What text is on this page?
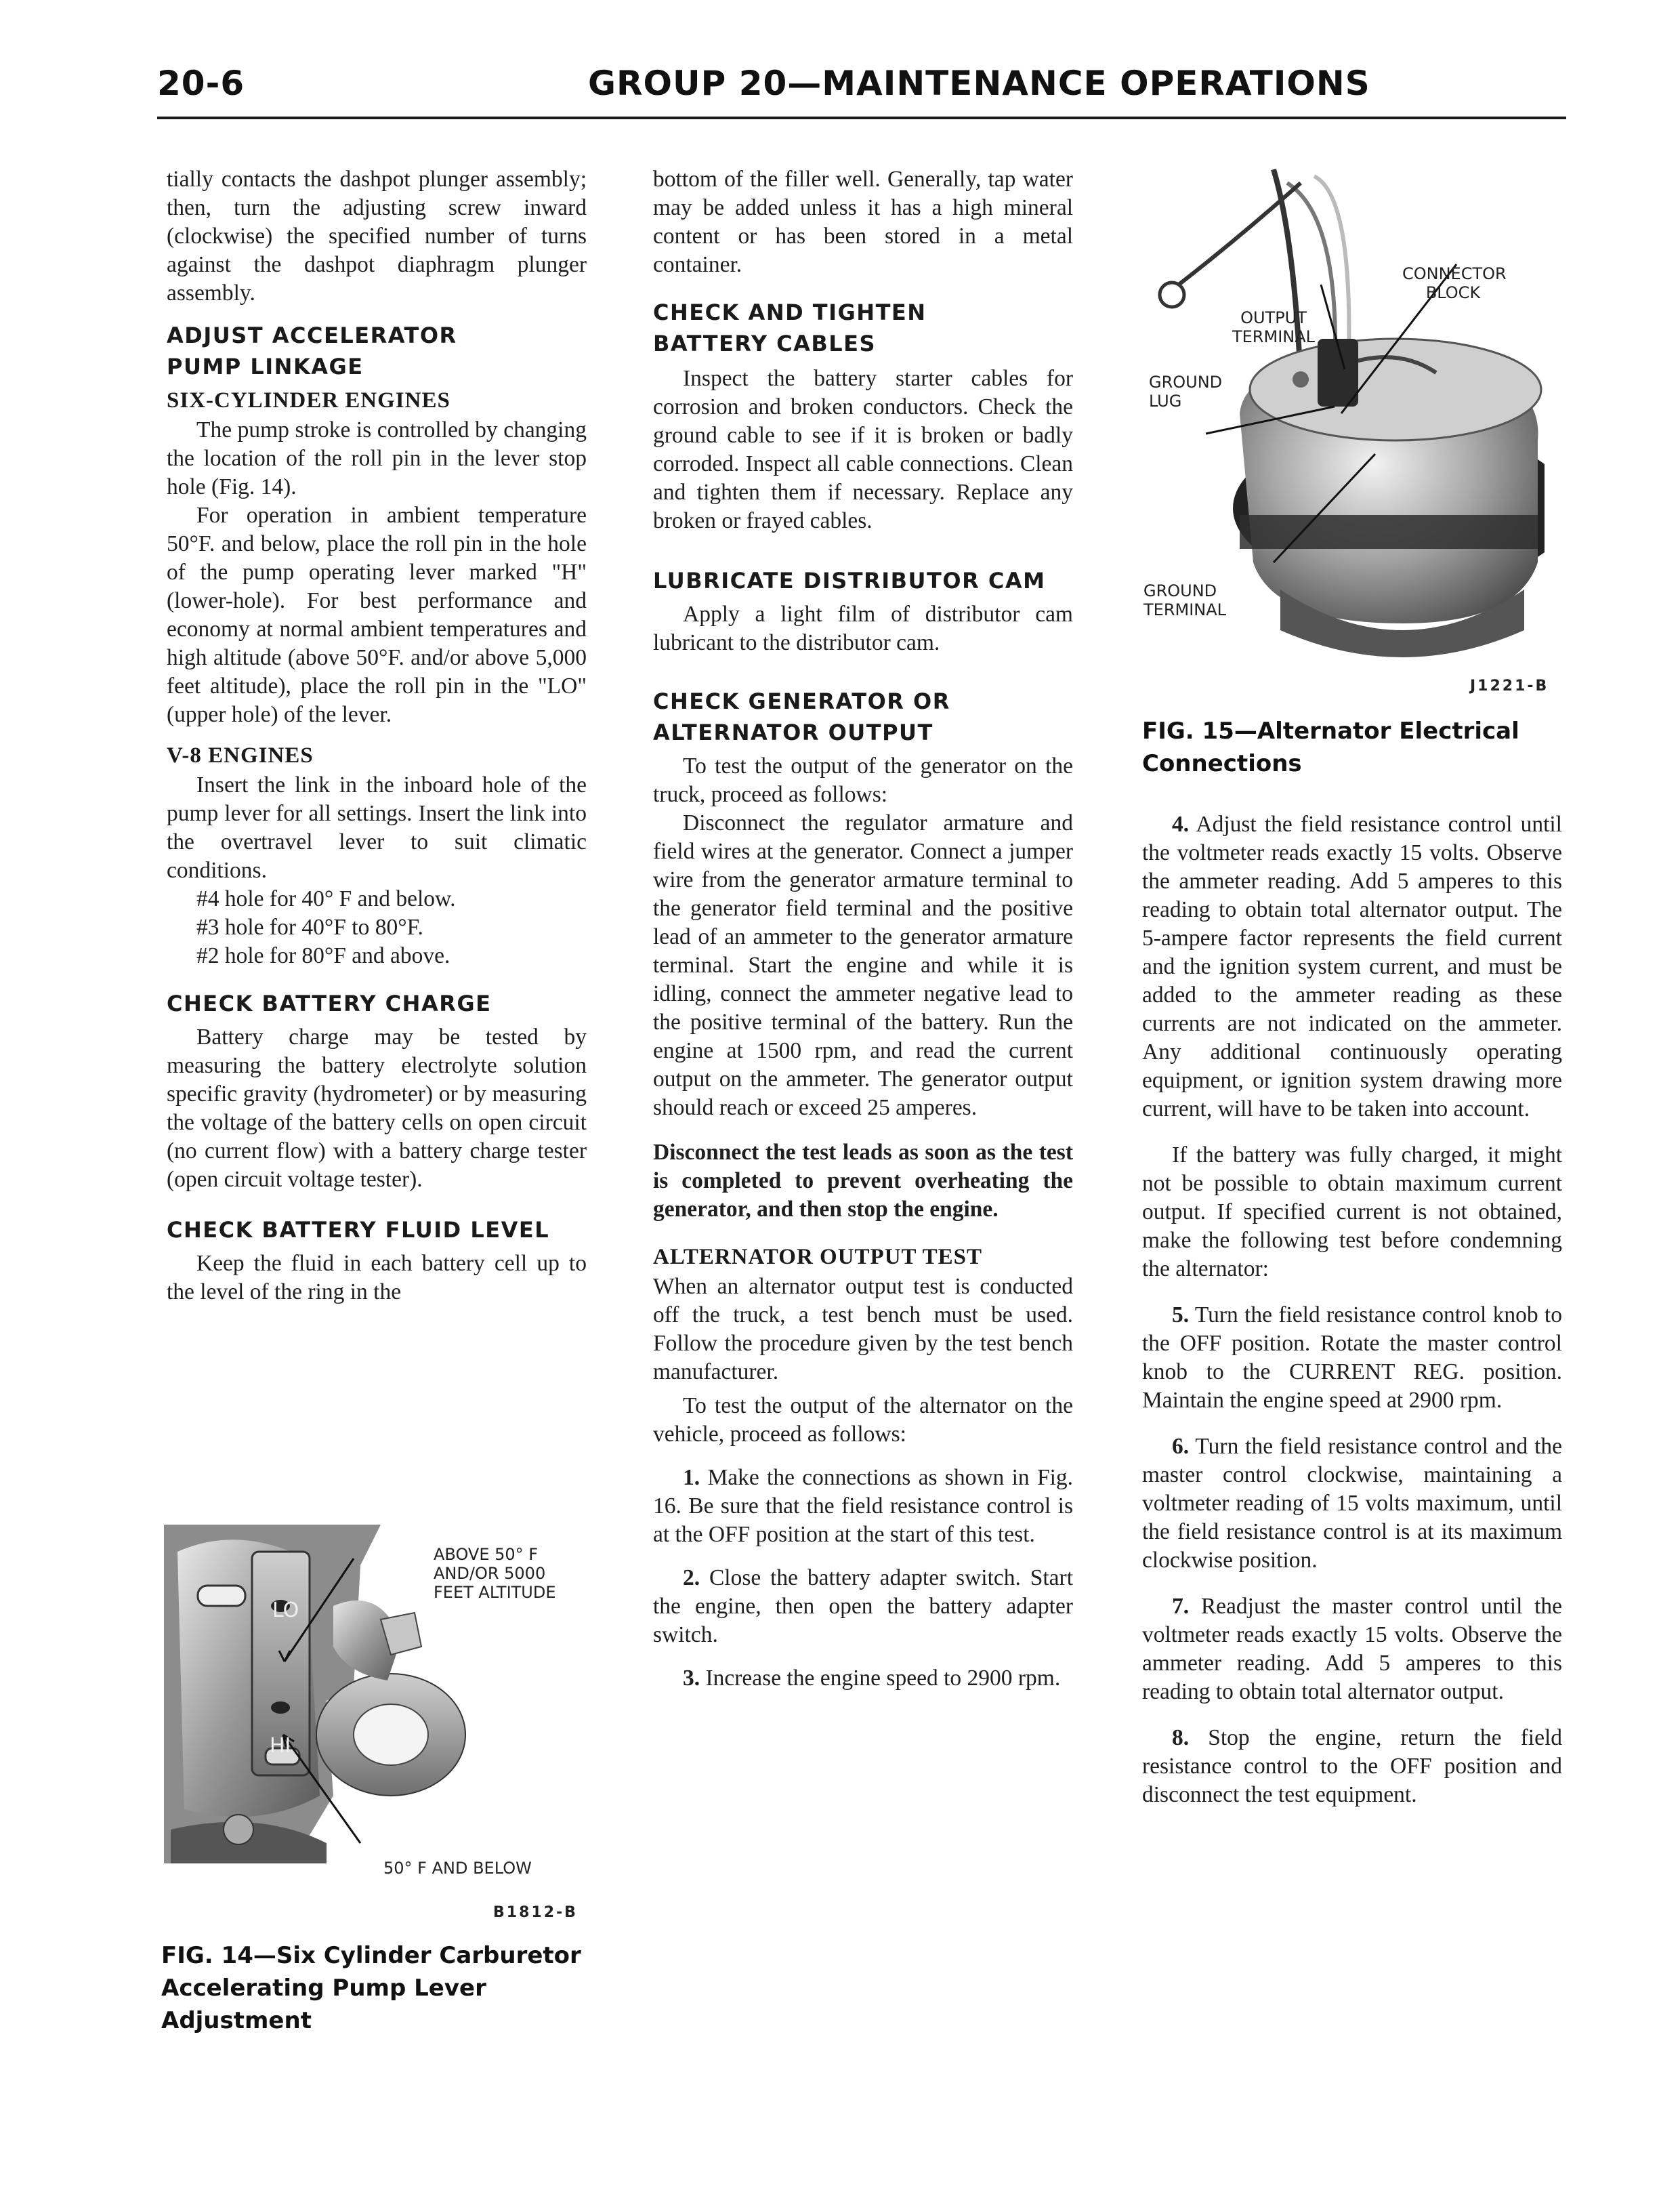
20-6	GROUP 20—MAINTENANCE OPERATIONS

tially contacts the dashpot plunger assembly; then, turn the adjusting screw inward (clockwise) the specified number of turns against the dashpot diaphragm plunger assembly.

ADJUST ACCELERATOR
PUMP LINKAGE
SIX-CYLINDER ENGINES

The pump stroke is controlled by changing the location of the roll pin in the lever stop hole (Fig. 14).

For operation in ambient temperature 50°F. and below, place the roll pin in the hole of the pump operating lever marked "H" (lower-hole). For best performance and economy at normal ambient temperatures and high altitude (above 50°F. and/or above 5,000 feet altitude), place the roll pin in the "LO" (upper hole) of the lever.

V-8 ENGINES

Insert the link in the inboard hole of the pump lever for all settings. Insert the link into the overtravel lever to suit climatic conditions.

#4 hole for 40° F and below.

#3 hole for 40°F to 80°F.

#2 hole for 80°F and above.

CHECK BATTERY CHARGE

Battery charge may be tested by measuring the battery electrolyte solution specific gravity (hydrometer) or by measuring the voltage of the battery cells on open circuit (no current flow) with a battery charge tester (open circuit voltage tester).

CHECK BATTERY FLUID LEVEL

Keep the fluid in each battery cell up to the level of the ring in the

LO
HI
ABOVE 50° F AND/OR 5000 FEET ALTITUDE
50° F AND BELOW
B1812-B
FIG. 14—Six Cylinder Carburetor Accelerating Pump Lever Adjustment

bottom of the filler well. Generally, tap water may be added unless it has a high mineral content or has been stored in a metal container.

CHECK AND TIGHTEN
BATTERY CABLES

Inspect the battery starter cables for corrosion and broken conductors. Check the ground cable to see if it is broken or badly corroded. Inspect all cable connections. Clean and tighten them if necessary. Replace any broken or frayed cables.

LUBRICATE DISTRIBUTOR CAM

Apply a light film of distributor cam lubricant to the distributor cam.

CHECK GENERATOR OR
ALTERNATOR OUTPUT

To test the output of the generator on the truck, proceed as follows:

Disconnect the regulator armature and field wires at the generator. Connect a jumper wire from the generator armature terminal to the generator field terminal and the positive lead of an ammeter to the generator armature terminal. Start the engine and while it is idling, connect the ammeter negative lead to the positive terminal of the battery. Run the engine at 1500 rpm, and read the current output on the ammeter. The generator output should reach or exceed 25 amperes.

Disconnect the test leads as soon as the test is completed to prevent overheating the generator, and then stop the engine.

ALTERNATOR OUTPUT TEST

When an alternator output test is conducted off the truck, a test bench must be used. Follow the procedure given by the test bench manufacturer.

To test the output of the alternator on the vehicle, proceed as follows:

1. Make the connections as shown in Fig. 16. Be sure that the field resistance control is at the OFF position at the start of this test.

2. Close the battery adapter switch. Start the engine, then open the battery adapter switch.

3. Increase the engine speed to 2900 rpm.

CONNECTOR BLOCK
OUTPUT TERMINAL
GROUND LUG
GROUND TERMINAL
J1221-B
FIG. 15—Alternator Electrical Connections

4. Adjust the field resistance control until the voltmeter reads exactly 15 volts. Observe the ammeter reading. Add 5 amperes to this reading to obtain total alternator output. The 5-ampere factor represents the field current and the ignition system current, and must be added to the ammeter reading as these currents are not indicated on the ammeter. Any additional continuously operating equipment, or ignition system drawing more current, will have to be taken into account.

If the battery was fully charged, it might not be possible to obtain maximum current output. If specified current is not obtained, make the following test before condemning the alternator:

5. Turn the field resistance control knob to the OFF position. Rotate the master control knob to the CURRENT REG. position. Maintain the engine speed at 2900 rpm.

6. Turn the field resistance control and the master control clockwise, maintaining a voltmeter reading of 15 volts maximum, until the field resistance control is at its maximum clockwise position.

7. Readjust the master control until the voltmeter reads exactly 15 volts. Observe the ammeter reading. Add 5 amperes to this reading to obtain total alternator output.

8. Stop the engine, return the field resistance control to the OFF position and disconnect the test equipment.
